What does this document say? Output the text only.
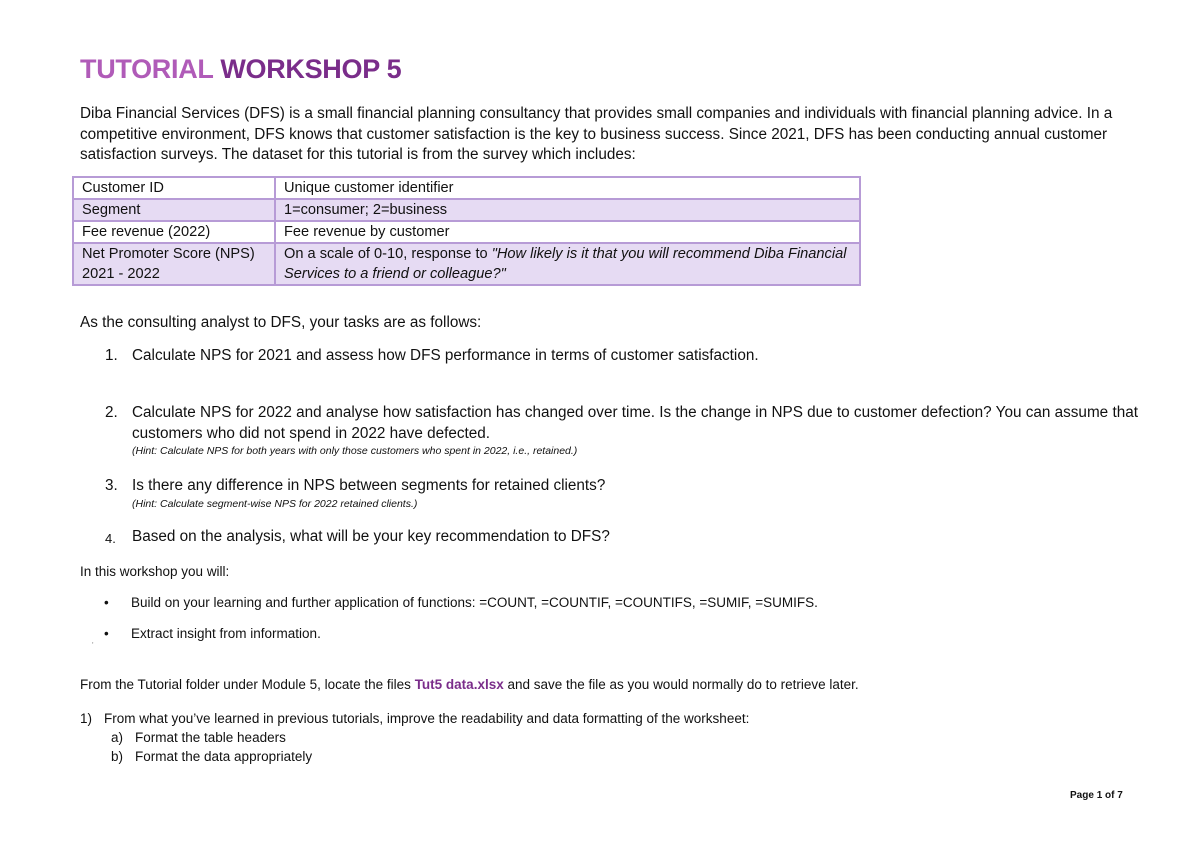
TUTORIAL WORKSHOP 5

Diba Financial Services (DFS) is a small financial planning consultancy that provides small companies and individuals with financial planning advice. In a competitive environment, DFS knows that customer satisfaction is the key to business success. Since 2021, DFS has been conducting annual customer satisfaction surveys. The dataset for this tutorial is from the survey which includes:

Customer ID	Unique customer identifier
Segment	1=consumer; 2=business
Fee revenue (2022)	Fee revenue by customer
Net Promoter Score (NPS)
2021 - 2022	On a scale of 0-10, response to "How likely is it that you will recommend Diba Financial Services to a friend or colleague?"

As the consulting analyst to DFS, your tasks are as follows:

1. Calculate NPS for 2021 and assess how DFS performance in terms of customer satisfaction.
2. Calculate NPS for 2022 and analyse how satisfaction has changed over time. Is the change in NPS due to customer defection? You can assume that customers who did not spend in 2022 have defected.
(Hint: Calculate NPS for both years with only those customers who spent in 2022, i.e., retained.)
3. Is there any difference in NPS between segments for retained clients?
(Hint: Calculate segment-wise NPS for 2022 retained clients.)
4.	Based on the analysis, what will be your key recommendation to DFS?

In this workshop you will:

• Build on your learning and further application of functions: =COUNT, =COUNTIF, =COUNTIFS, =SUMIF, =SUMIFS.
• Extract insight from information.
'

From the Tutorial folder under Module 5, locate the files Tut5 data.xlsx and save the file as you would normally do to retrieve later.

1) From what you’ve learned in previous tutorials, improve the readability and data formatting of the worksheet:
a) Format the table headers
b) Format the data appropriately
Page 1 of 7
